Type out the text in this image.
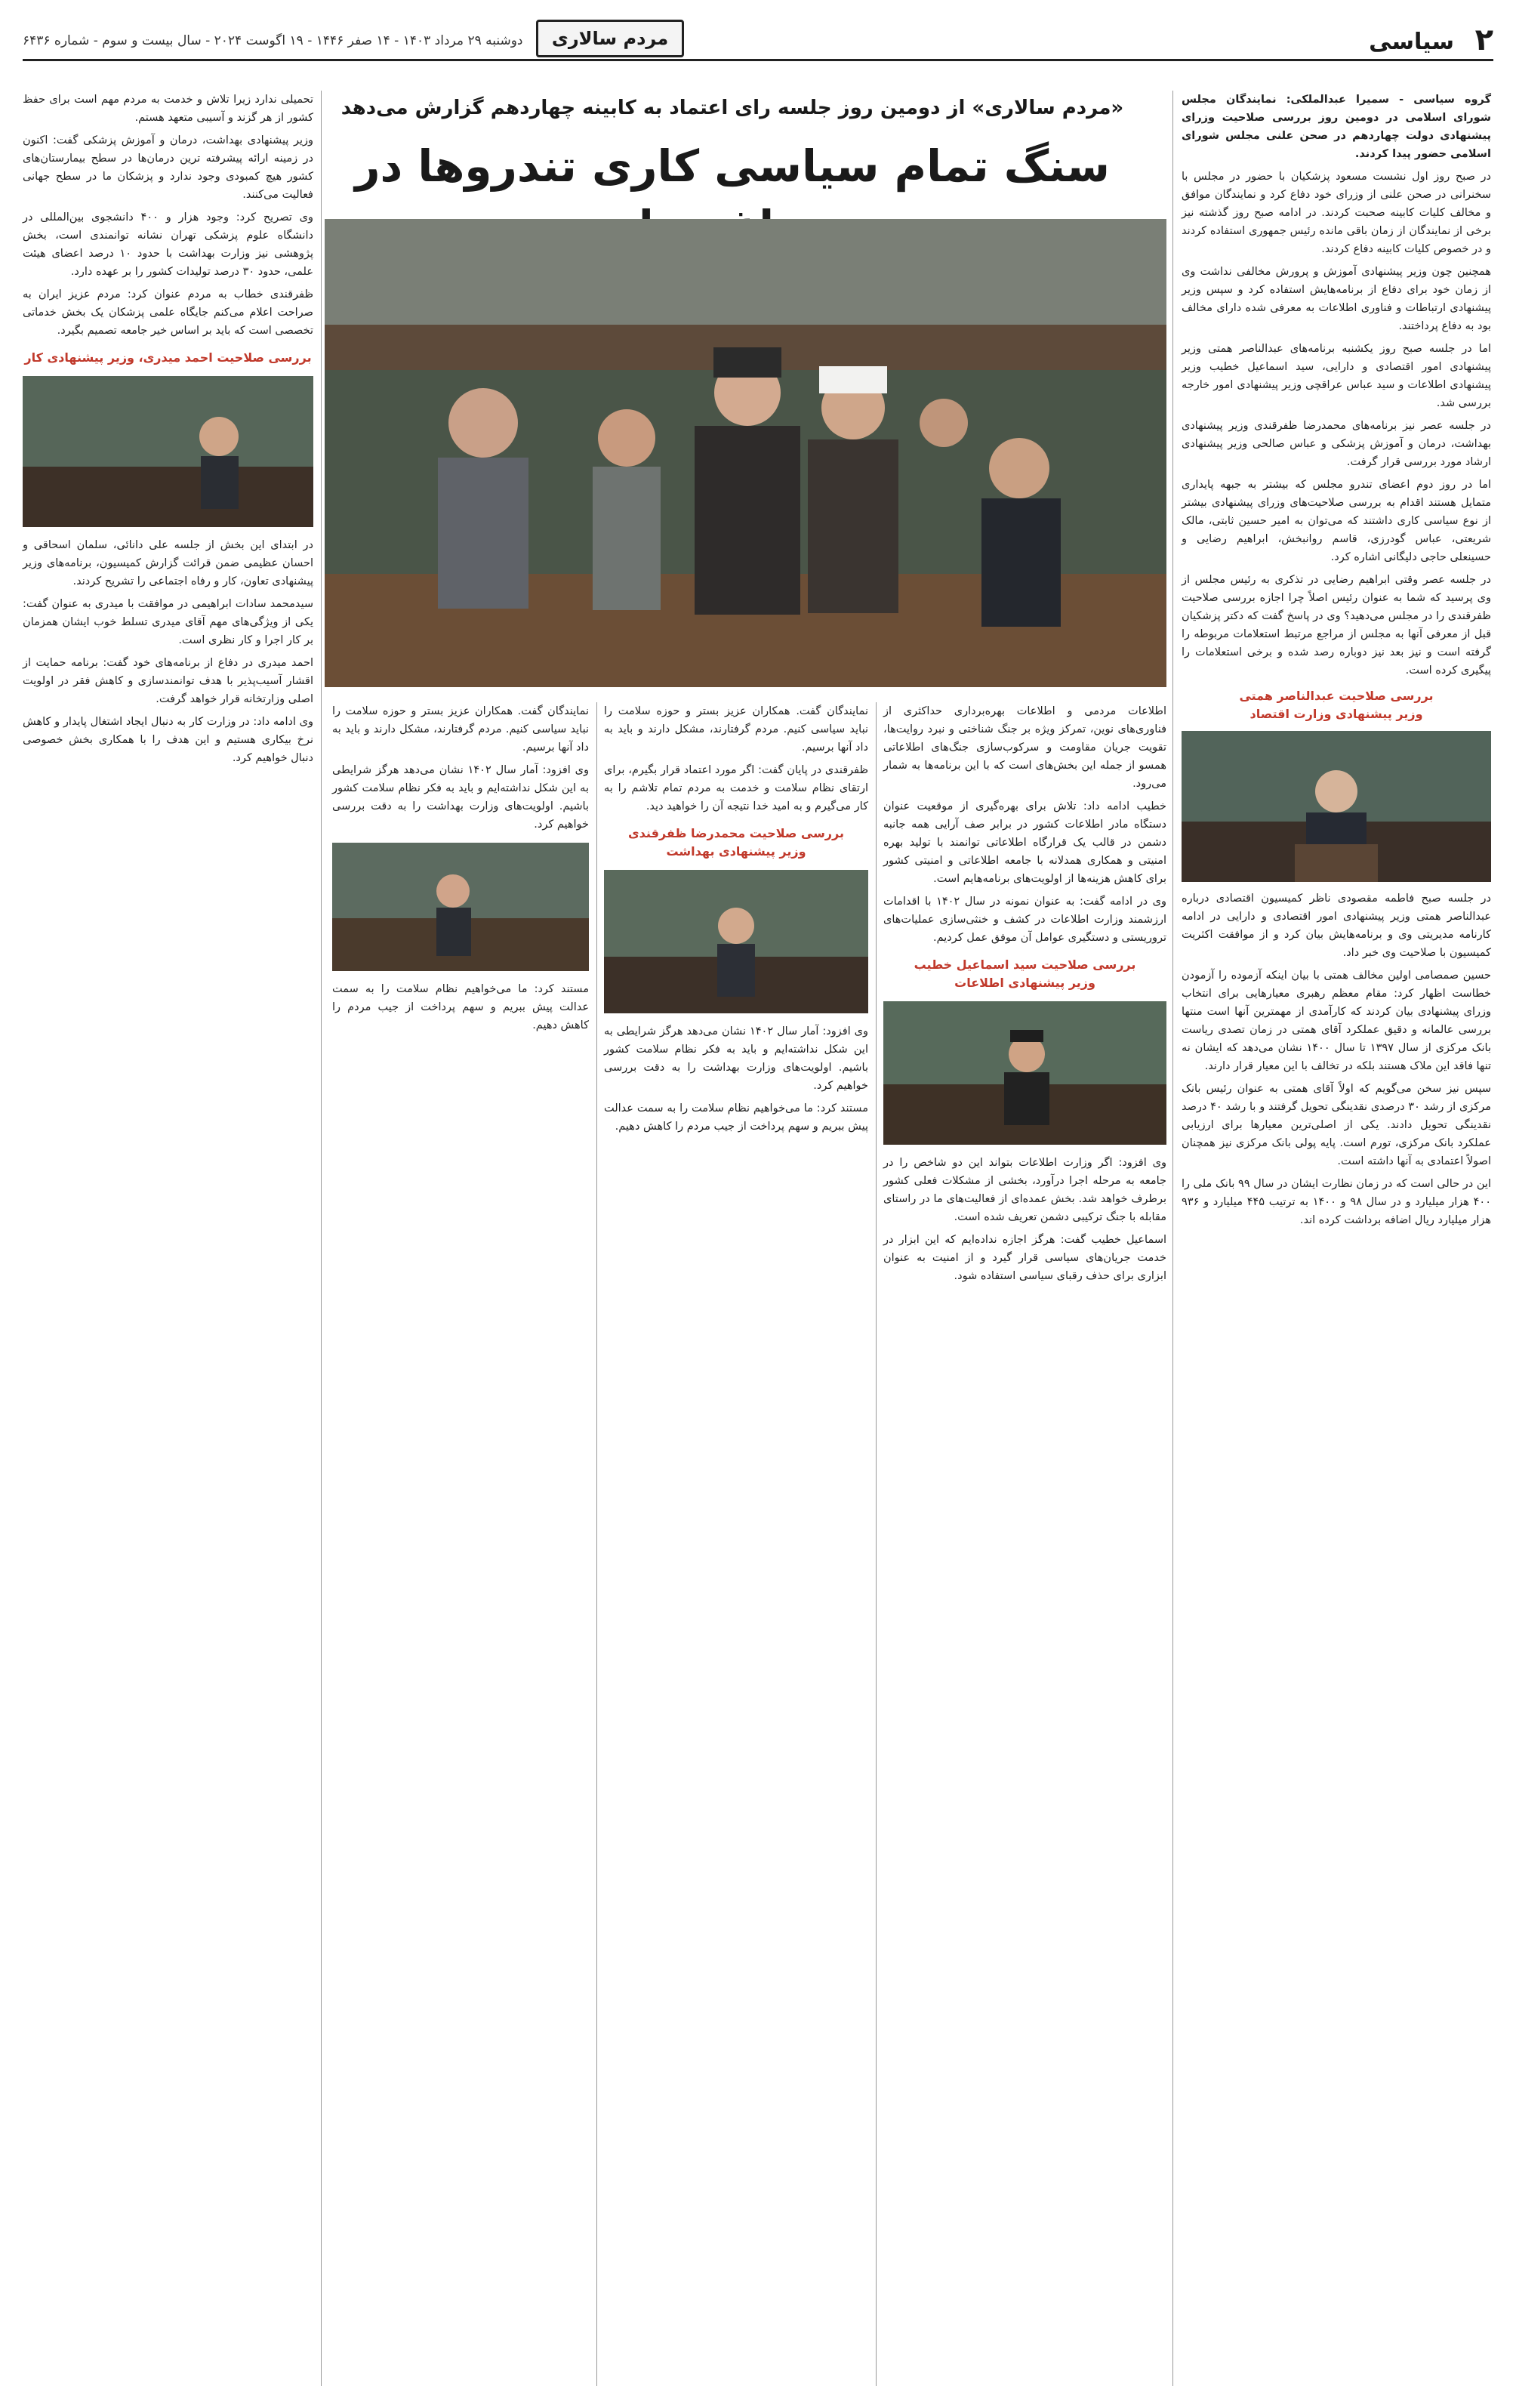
۲
سیاسی
مردم سالاری
دوشنبه ۲۹ مرداد ۱۴۰۳ - ۱۴ صفر ۱۴۴۶ - ۱۹ اگوست ۲۰۲۴ - سال بیست و سوم - شماره ۶۴۳۶

گروه سیاسی - سمیرا عبدالملکی: نمایندگان مجلس شورای اسلامی در دومین روز بررسی صلاحیت وزرای پیشنهادی دولت چهاردهم در صحن علنی مجلس شورای اسلامی حضور پیدا کردند.

در صبح روز اول نشست مسعود پزشکیان با حضور در مجلس با سخنرانی در صحن علنی از وزرای خود دفاع کرد و نمایندگان موافق و مخالف کلیات کابینه صحبت کردند. در ادامه صبح روز گذشته نیز برخی از نمایندگان از زمان باقی مانده رئیس جمهوری استفاده کردند و در خصوص کلیات کابینه دفاع کردند.

همچنین چون وزیر پیشنهادی آموزش و پرورش مخالفی نداشت وی از زمان خود برای دفاع از برنامه‌هایش استفاده کرد و سپس وزیر پیشنهادی ارتباطات و فناوری اطلاعات به معرفی شده دارای مخالف بود به دفاع پرداختند.

اما در جلسه صبح روز یکشنبه برنامه‌های عبدالناصر همتی وزیر پیشنهادی امور اقتصادی و دارایی، سید اسماعیل خطیب وزیر پیشنهادی اطلاعات و سید عباس عراقچی وزیر پیشنهادی امور خارجه بررسی شد.

در جلسه عصر نیز برنامه‌های محمدرضا ظفرقندی وزیر پیشنهادی بهداشت، درمان و آموزش پزشکی و عباس صالحی وزیر پیشنهادی ارشاد مورد بررسی قرار گرفت.

اما در روز دوم اعضای تندرو مجلس که بیشتر به جبهه پایداری متمایل هستند اقدام به بررسی صلاحیت‌های وزرای پیشنهادی بیشتر از نوع سیاسی کاری داشتند که می‌توان به امیر حسین ثابتی، مالک شریعتی، عباس گودرزی، قاسم روانبخش، ابراهیم رضایی و حسینعلی حاجی دلیگانی اشاره کرد.

در جلسه عصر وقتی ابراهیم رضایی در تذکری به رئیس مجلس از وی پرسید که شما به عنوان رئیس اصلاً چرا اجازه بررسی صلاحیت ظفرقندی را در مجلس می‌دهید؟ وی در پاسخ گفت که دکتر پزشکیان قبل از معرفی آنها به مجلس از مراجع مرتبط استعلامات مربوطه را گرفته است و نیز بعد نیز دوباره رصد شده و برخی استعلامات را پیگیری کرده است.

بررسی صلاحیت عبدالناصر همتی
وزیر پیشنهادی وزارت اقتصاد

در جلسه صبح فاطمه مقصودی ناظر کمیسیون اقتصادی درباره عبدالناصر همتی وزیر پیشنهادی امور اقتصادی و دارایی در ادامه کارنامه مدیریتی وی و برنامه‌هایش بیان کرد و از موافقت اکثریت کمیسیون با صلاحیت وی خبر داد.

حسین صمصامی اولین مخالف همتی با بیان اینکه آزموده را آزمودن خطاست اظهار کرد: مقام معظم رهبری معیارهایی برای انتخاب وزرای پیشنهادی بیان کردند که کارآمدی از مهمترین آنها است منتها بررسی عالمانه و دقیق عملکرد آقای همتی در زمان تصدی ریاست بانک مرکزی از سال ۱۳۹۷ تا سال ۱۴۰۰ نشان می‌دهد که ایشان نه تنها فاقد این ملاک هستند بلکه در تخالف با این معیار قرار دارند.

سپس نیز سخن می‌گویم که اولاً آقای همتی به عنوان رئیس بانک مرکزی از رشد ۳۰ درصدی نقدینگی تحویل گرفتند و با رشد ۴۰ درصد نقدینگی تحویل دادند. یکی از اصلی‌ترین معیارها برای ارزیابی عملکرد بانک مرکزی، تورم است. پایه پولی بانک مرکزی نیز همچنان اصولاً اعتمادی به آنها داشته است.

این در حالی است که در زمان نظارت ایشان در سال ۹۹ بانک ملی را ۴۰۰ هزار میلیارد و در سال ۹۸ و ۱۴۰۰ به ترتیب ۴۴۵ میلیارد و ۹۳۶ هزار میلیارد ریال اضافه برداشت کرده اند.

«مردم سالاری» از دومین روز جلسه رای اعتماد به کابینه چهاردهم گزارش می‌دهد
سنگ تمام سیاسی کاری تندروها در

اطلاعات مردمی و اطلاعات بهره‌برداری حداکثری از فناوری‌های نوین، تمرکز ویژه بر جنگ شناختی و نبرد روایت‌ها، تقویت جریان مقاومت و سرکوب‌سازی جنگ‌های اطلاعاتی همسو از جمله این بخش‌های است که با این برنامه‌ها به شمار می‌رود.

خطیب ادامه داد: تلاش برای بهره‌گیری از موقعیت عنوان دستگاه مادر اطلاعات کشور در برابر صف آرایی همه جانبه دشمن در قالب یک قرارگاه اطلاعاتی توانمند با تولید بهره امنیتی و همکاری همدلانه با جامعه اطلاعاتی و امنیتی کشور برای کاهش هزینه‌ها از اولویت‌های برنامه‌هایم است.

وی در ادامه گفت: به عنوان نمونه در سال ۱۴۰۲ با اقدامات ارزشمند وزارت اطلاعات در کشف و خنثی‌سازی عملیات‌های تروریستی و دستگیری عوامل آن موفق عمل کردیم.

بررسی صلاحیت سید اسماعیل خطیب
وزیر پیشنهادی اطلاعات

وی افزود: اگر وزارت اطلاعات بتواند این دو شاخص را در جامعه به مرحله اجرا درآورد، بخشی از مشکلات فعلی کشور برطرف خواهد شد. بخش عمده‌ای از فعالیت‌های ما در راستای مقابله با جنگ ترکیبی دشمن تعریف شده است.

اسماعیل خطیب گفت: هرگز اجازه نداده‌ایم که این ابزار در خدمت جریان‌های سیاسی قرار گیرد و از امنیت به عنوان ابزاری برای حذف رقبای سیاسی استفاده شود.

نمایندگان گفت. همکاران عزیز بستر و حوزه سلامت را نباید سیاسی کنیم. مردم گرفتارند، مشکل دارند و باید به داد آنها برسیم.

ظفرقندی در پایان گفت: اگر مورد اعتماد قرار بگیرم، برای ارتقای نظام سلامت و خدمت به مردم تمام تلاشم را به کار می‌گیرم و به امید خدا نتیجه آن را خواهید دید.

بررسی صلاحیت محمدرضا ظفرقندی
وزیر پیشنهادی بهداشت

وی افزود: آمار سال ۱۴۰۲ نشان می‌دهد هرگز شرایطی به این شکل نداشته‌ایم و باید به فکر نظام سلامت کشور باشیم. اولویت‌های وزارت بهداشت را به دقت بررسی خواهیم کرد.

مستند کرد: ما می‌خواهیم نظام سلامت را به سمت عدالت پیش ببریم و سهم پرداخت از جیب مردم را کاهش دهیم.

نمایندگان گفت. همکاران عزیز بستر و حوزه سلامت را نباید سیاسی کنیم. مردم گرفتارند، مشکل دارند و باید به داد آنها برسیم.

وی افزود: آمار سال ۱۴۰۲ نشان می‌دهد هرگز شرایطی به این شکل نداشته‌ایم و باید به فکر نظام سلامت کشور باشیم. اولویت‌های وزارت بهداشت را به دقت بررسی خواهیم کرد.

مستند کرد: ما می‌خواهیم نظام سلامت را به سمت عدالت پیش ببریم و سهم پرداخت از جیب مردم را کاهش دهیم.

تحمیلی ندارد زیرا تلاش و خدمت به مردم مهم است برای حفظ کشور از هر گزند و آسیبی متعهد هستم.

وزیر پیشنهادی بهداشت، درمان و آموزش پزشکی گفت: اکنون در زمینه ارائه پیشرفته ترین درمان‌ها در سطح بیمارستان‌های کشور هیچ کمبودی وجود ندارد و پزشکان ما در سطح جهانی فعالیت می‌کنند.

وی تصریح کرد: وجود هزار و ۴۰۰ دانشجوی بین‌المللی در دانشگاه علوم پزشکی تهران نشانه توانمندی است، بخش پژوهشی نیز وزارت بهداشت با حدود ۱۰ درصد اعضای هیئت علمی، حدود ۳۰ درصد تولیدات کشور را بر عهده دارد.

ظفرقندی خطاب به مردم عنوان کرد: مردم عزیز ایران به صراحت اعلام می‌کنم جایگاه علمی پزشکان یک بخش خدماتی تخصصی است که باید بر اساس خیر جامعه تصمیم بگیرد.

بررسی صلاحیت احمد میدری، وزیر پیشنهادی کار

در ابتدای این بخش از جلسه علی دانائی، سلمان اسحاقی و احسان عظیمی ضمن قرائت گزارش کمیسیون، برنامه‌های وزیر پیشنهادی تعاون، کار و رفاه اجتماعی را تشریح کردند.

سیدمحمد سادات ابراهیمی در موافقت با میدری به عنوان گفت: یکی از ویژگی‌های مهم آقای میدری تسلط خوب ایشان همزمان بر کار اجرا و کار نظری است.

احمد میدری در دفاع از برنامه‌های خود گفت: برنامه حمایت از اقشار آسیب‌پذیر با هدف توانمندسازی و کاهش فقر در اولویت اصلی وزارتخانه قرار خواهد گرفت.

وی ادامه داد: در وزارت کار به دنبال ایجاد اشتغال پایدار و کاهش نرخ بیکاری هستیم و این هدف را با همکاری بخش خصوصی دنبال خواهیم کرد.
